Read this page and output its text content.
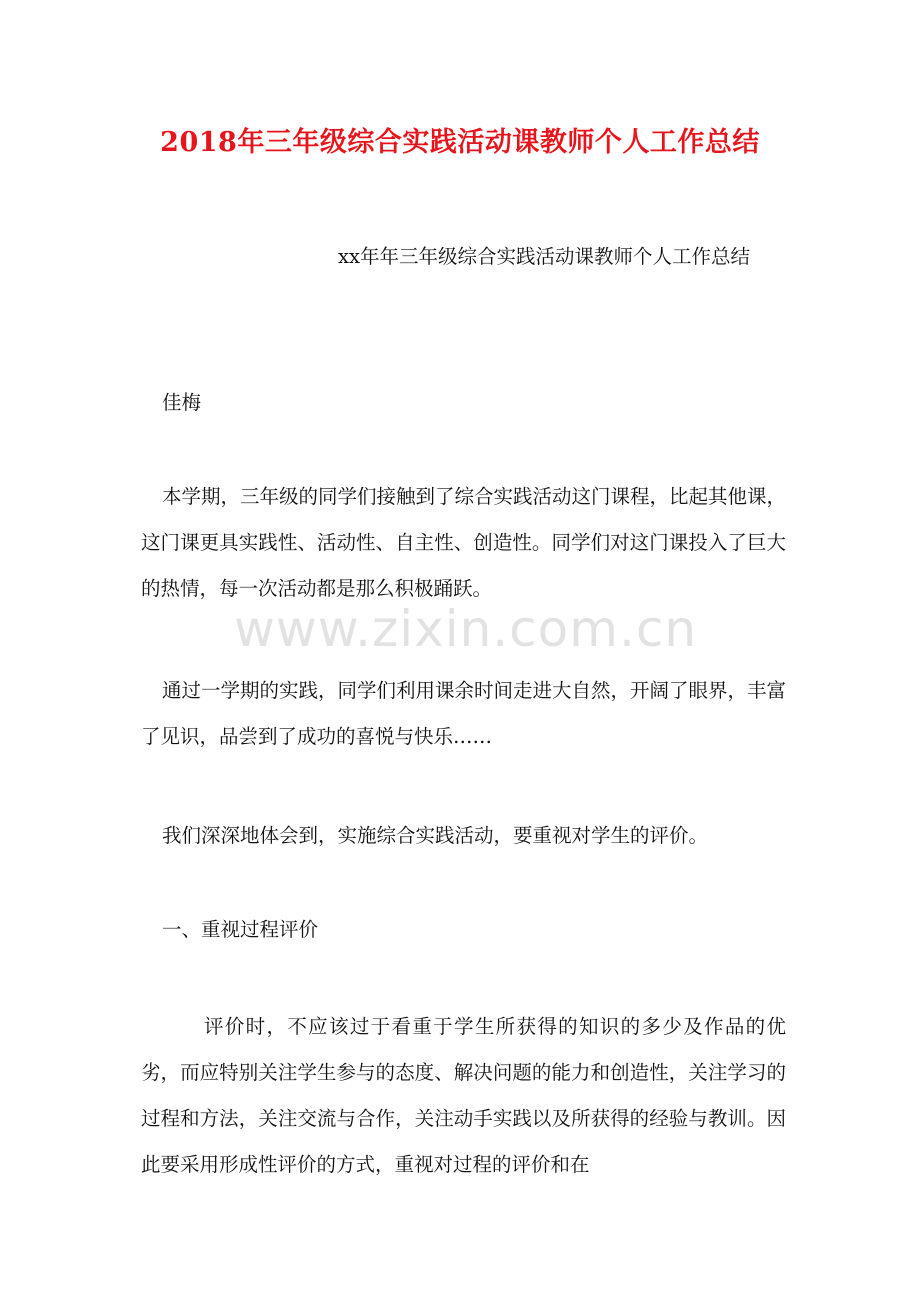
2018年三年级综合实践活动课教师个人工作总结
xx年年三年级综合实践活动课教师个人工作总结
佳梅
本学期，三年级的同学们接触到了综合实践活动这门课程，比起其他课，这门课更具实践性、活动性、自主性、创造性。同学们对这门课投入了巨大的热情，每一次活动都是那么积极踊跃。
通过一学期的实践，同学们利用课余时间走进大自然，开阔了眼界，丰富了见识，品尝到了成功的喜悦与快乐……
我们深深地体会到，实施综合实践活动，要重视对学生的评价。
一、重视过程评价
评价时，不应该过于看重于学生所获得的知识的多少及作品的优劣，而应特别关注学生参与的态度、解决问题的能力和创造性，关注学习的过程和方法，关注交流与合作，关注动手实践以及所获得的经验与教训。因此要采用形成性评价的方式，重视对过程的评价和在
www.zixin.com.cn
